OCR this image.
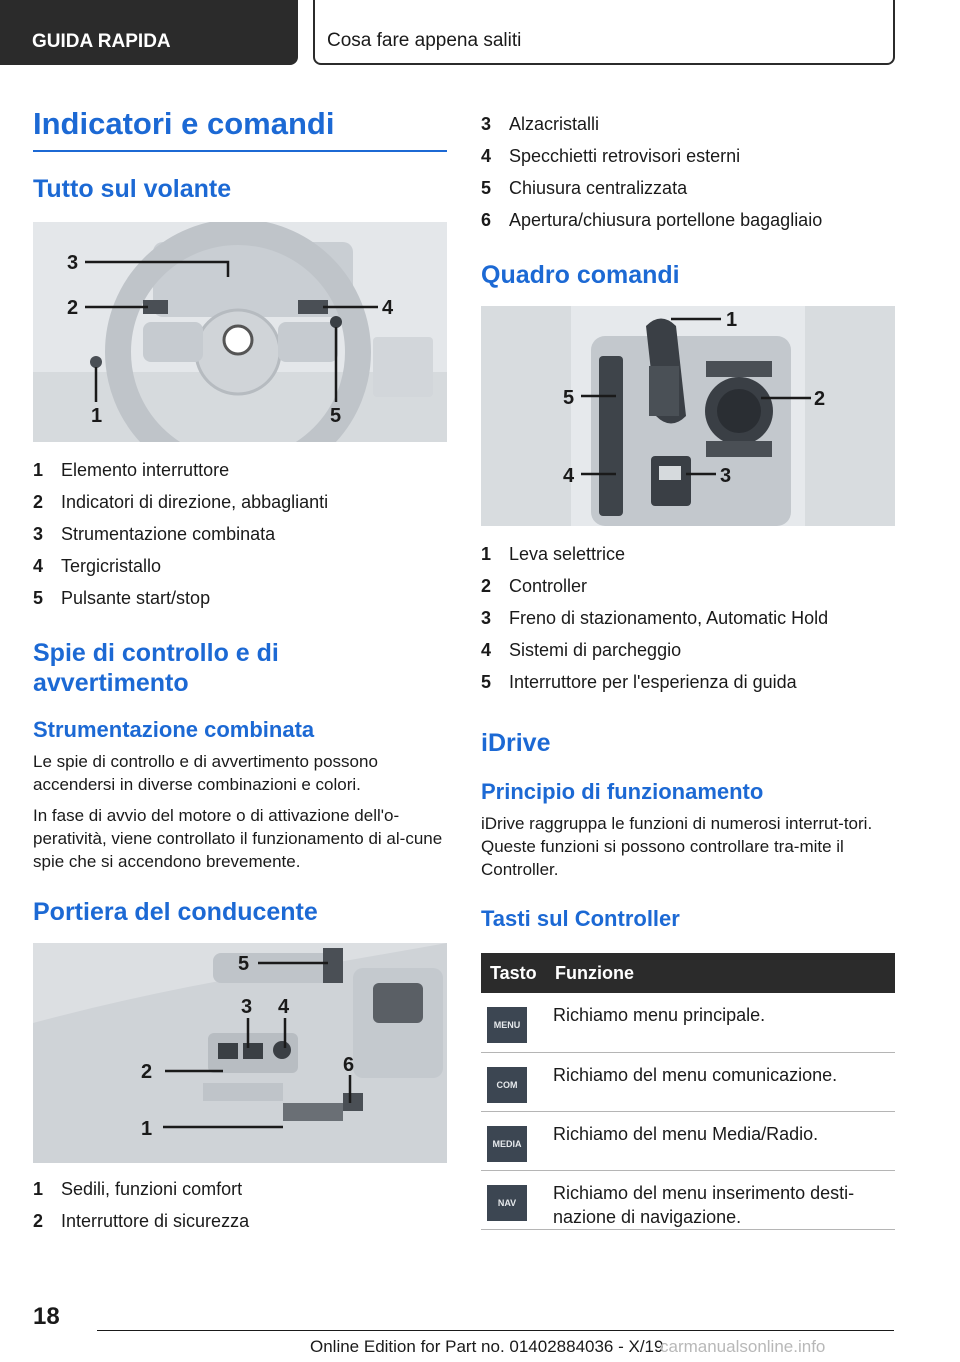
GUIDA RAPIDA	Cosa fare appena saliti
Indicatori e comandi
Tutto sul volante
3
2	4
1	5
1 Elemento interruttore
2 Indicatori di direzione, abbaglianti
3 Strumentazione combinata
4 Tergicristallo
5 Pulsante start/stop
Spie di controllo e di avvertimento
Strumentazione combinata
Le spie di controllo e di avvertimento possono accendersi in diverse combinazioni e colori.
In fase di avvio del motore o di attivazione dell'o-peratività, viene controllato il funzionamento di al-cune spie che si accendono brevemente.
Portiera del conducente
5
3 4
2	6
1
1 Sedili, funzioni comfort
2 Interruttore di sicurezza
3 Alzacristalli
4 Specchietti retrovisori esterni
5 Chiusura centralizzata
6 Apertura/chiusura portellone bagagliaio
Quadro comandi
1
5	2
4	3
1 Leva selettrice
2 Controller
3 Freno di stazionamento, Automatic Hold
4 Sistemi di parcheggio
5 Interruttore per l'esperienza di guida
iDrive
Principio di funzionamento
iDrive raggruppa le funzioni di numerosi interrut-tori. Queste funzioni si possono controllare tra-mite il Controller.
Tasti sul Controller
Tasto	Funzione

MENU	Richiamo menu principale.

COM	Richiamo del menu comunicazione.

MEDIA	Richiamo del menu Media/Radio.

NAV	Richiamo del menu inserimento desti-nazione di navigazione.
18
Online Edition for Part no. 01402884036 - X/19
carmanualsonline.info
